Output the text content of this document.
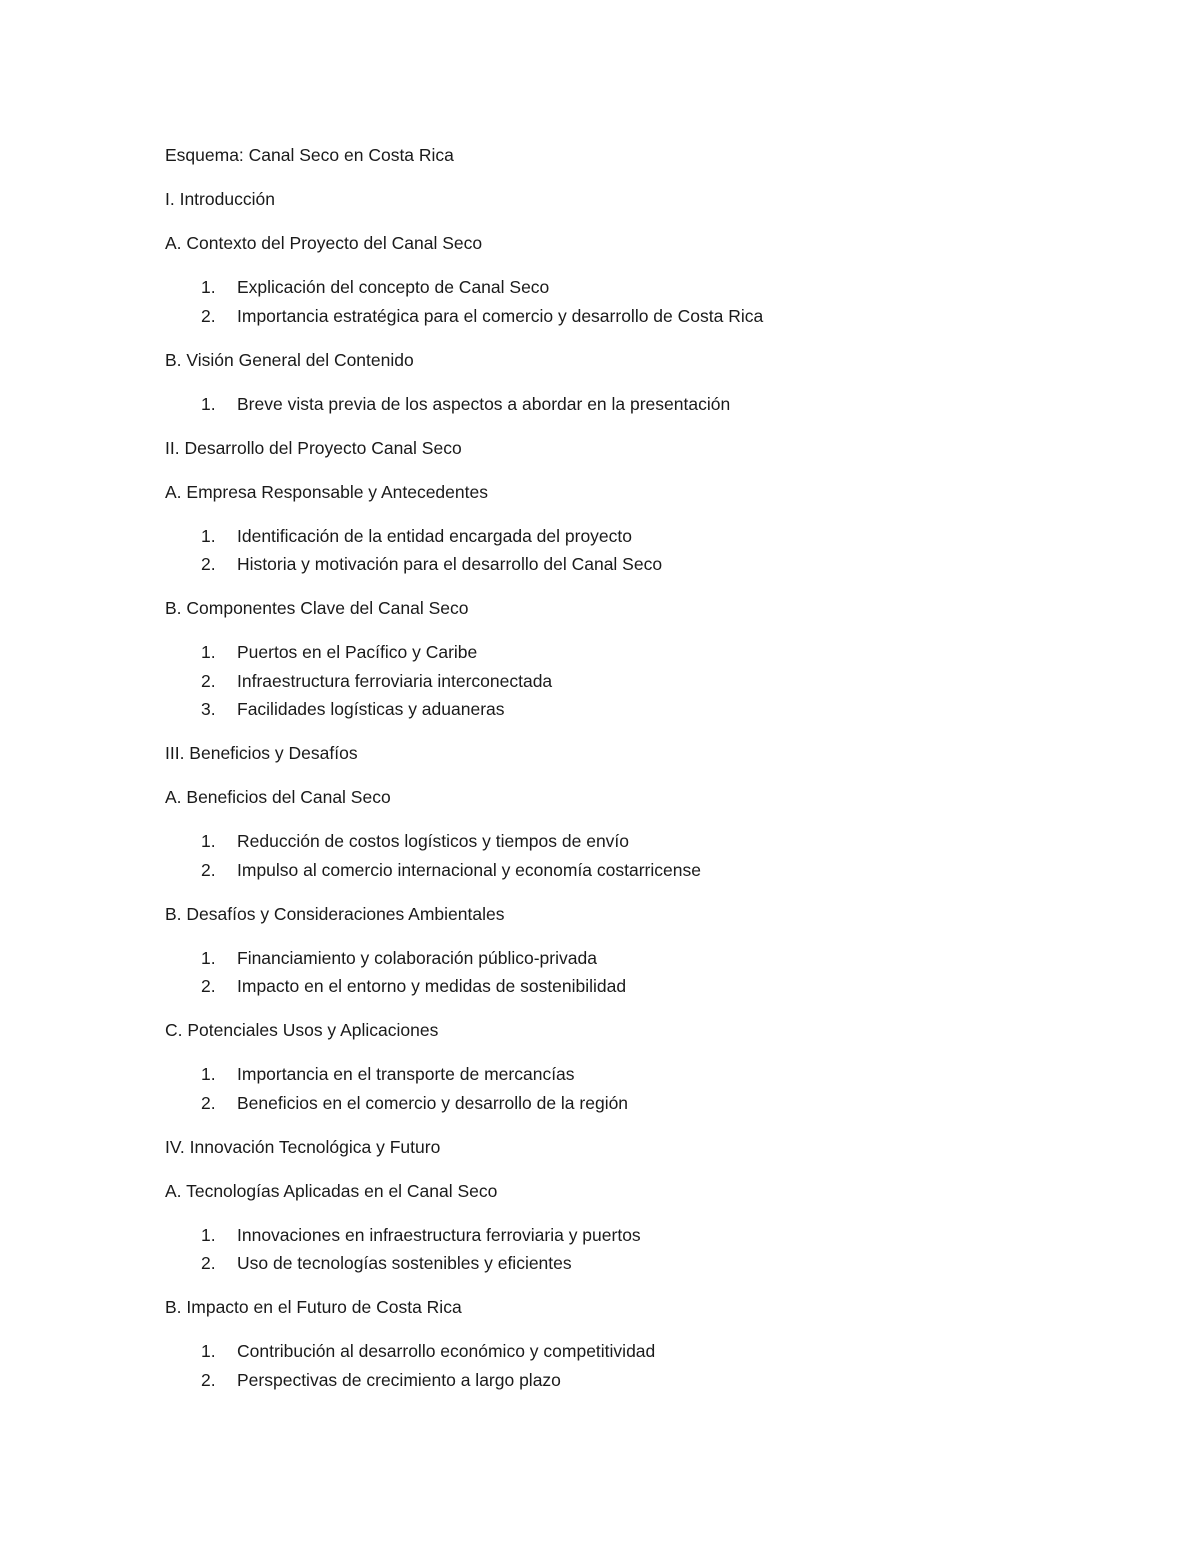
Esquema: Canal Seco en Costa Rica

I. Introducción

A. Contexto del Proyecto del Canal Seco

1. Explicación del concepto de Canal Seco
2. Importancia estratégica para el comercio y desarrollo de Costa Rica

B. Visión General del Contenido

1. Breve vista previa de los aspectos a abordar en la presentación

II. Desarrollo del Proyecto Canal Seco

A. Empresa Responsable y Antecedentes

1. Identificación de la entidad encargada del proyecto
2. Historia y motivación para el desarrollo del Canal Seco

B. Componentes Clave del Canal Seco

1. Puertos en el Pacífico y Caribe
2. Infraestructura ferroviaria interconectada
3. Facilidades logísticas y aduaneras

III. Beneficios y Desafíos

A. Beneficios del Canal Seco

1. Reducción de costos logísticos y tiempos de envío
2. Impulso al comercio internacional y economía costarricense

B. Desafíos y Consideraciones Ambientales

1. Financiamiento y colaboración público-privada
2. Impacto en el entorno y medidas de sostenibilidad

C. Potenciales Usos y Aplicaciones

1. Importancia en el transporte de mercancías
2. Beneficios en el comercio y desarrollo de la región

IV. Innovación Tecnológica y Futuro

A. Tecnologías Aplicadas en el Canal Seco

1. Innovaciones en infraestructura ferroviaria y puertos
2. Uso de tecnologías sostenibles y eficientes

B. Impacto en el Futuro de Costa Rica

1. Contribución al desarrollo económico y competitividad
2. Perspectivas de crecimiento a largo plazo
